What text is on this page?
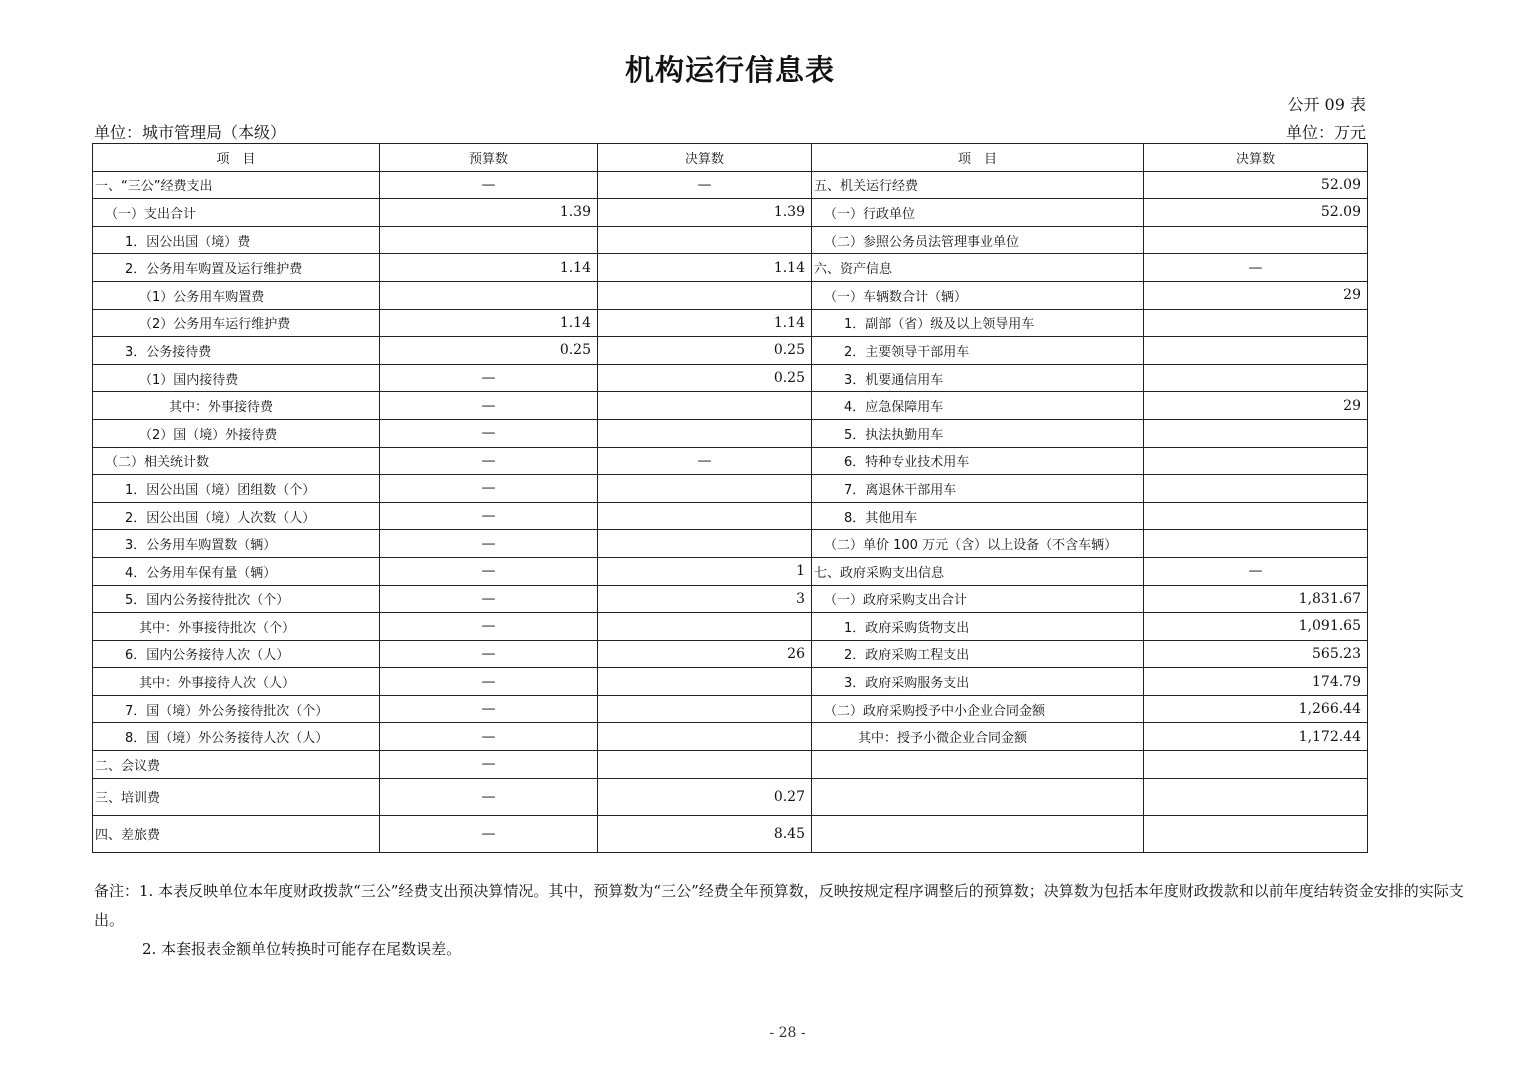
机构运行信息表
公开 09 表
单位：城市管理局（本级）	单位：万元
项　目	预算数	决算数	项　目	决算数
一、“三公”经费支出	—	—	五、机关运行经费	52.09
（一）支出合计	1.39	1.39	（一）行政单位	52.09
1．因公出国（境）费			（二）参照公务员法管理事业单位	
2．公务用车购置及运行维护费	1.14	1.14	六、资产信息	—
（1）公务用车购置费			（一）车辆数合计（辆）	29
（2）公务用车运行维护费	1.14	1.14	1．副部（省）级及以上领导用车	
3．公务接待费	0.25	0.25	2．主要领导干部用车	
（1）国内接待费	—	0.25	3．机要通信用车	
其中：外事接待费	—		4．应急保障用车	29
（2）国（境）外接待费	—		5．执法执勤用车	
（二）相关统计数	—	—	6．特种专业技术用车	
1．因公出国（境）团组数（个）	—		7．离退休干部用车	
2．因公出国（境）人次数（人）	—		8．其他用车	
3．公务用车购置数（辆）	—		（二）单价 100 万元（含）以上设备（不含车辆）	
4．公务用车保有量（辆）	—	1	七、政府采购支出信息	—
5．国内公务接待批次（个）	—	3	（一）政府采购支出合计	1,831.67
其中：外事接待批次（个）	—		1．政府采购货物支出	1,091.65
6．国内公务接待人次（人）	—	26	2．政府采购工程支出	565.23
其中：外事接待人次（人）	—		3．政府采购服务支出	174.79
7．国（境）外公务接待批次（个）	—		（二）政府采购授予中小企业合同金额	1,266.44
8．国（境）外公务接待人次（人）	—		其中：授予小微企业合同金额	1,172.44
二、会议费	—			
三、培训费	—	0.27		
四、差旅费	—	8.45		

备注：1. 本表反映单位本年度财政拨款“三公”经费支出预决算情况。其中，预算数为“三公”经费全年预算数，反映按规定程序调整后的预算数；决算数为包括本年度财政拨款和以前年度结转资金安排的实际支出。

2. 本套报表金额单位转换时可能存在尾数误差。

- 28 -
